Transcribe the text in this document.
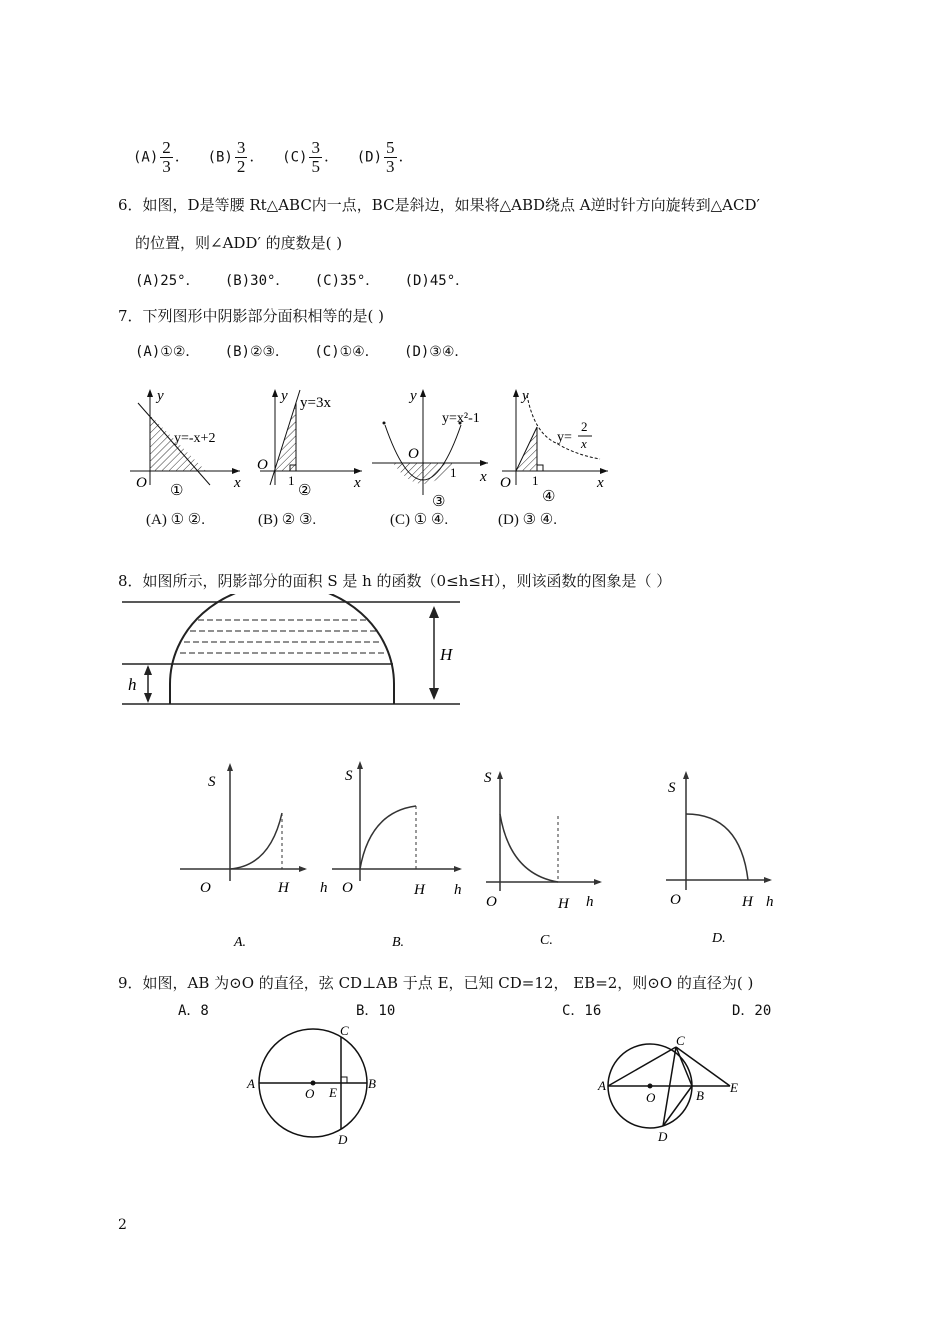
$(A) \frac{2}{3}$ . $(B) \frac{3}{2}$ . $(C) \frac{3}{5}$ . $(D) \frac{5}{3}$ .
6．如图，D是等腰 Rt△ABC内一点，BC是斜边，如果将△ABD绕点 A逆时针方向旋转到△ACD′
的位置，则∠ADD′ 的度数是( )
(A)25°．   (B)30°．   (C)35°．   (D)45°．
7．下列图形中阴影部分面积相等的是( )
(A)①②．   (B)②③．   (C)①④．   (D)③④．
y
x
O
y=-x+2
①
y
x
O
1
y=3x
②
y
x
O
1
y=x²-1
③
y
x
O 1
y=
2
x
④
(A) ① ②.	(B) ② ③.	(C) ① ④.	(D) ③ ④.
8．如图所示，阴影部分的面积 S 是 h 的函数（0≤h≤H），则该函数的图象是（ ）
H
h
S
O	H h
A.
S
O	H h
B.
S
O	H h
C.
S
O	H h
D.
9．如图，AB 为⊙O 的直径，弦 CD⊥AB 于点 E，已知 CD=12， EB=2，则⊙O 的直径为( )
A．8	B．10	C．16	D．20
A	B
C
D
E
O
A
B
C
D
E
O
2
